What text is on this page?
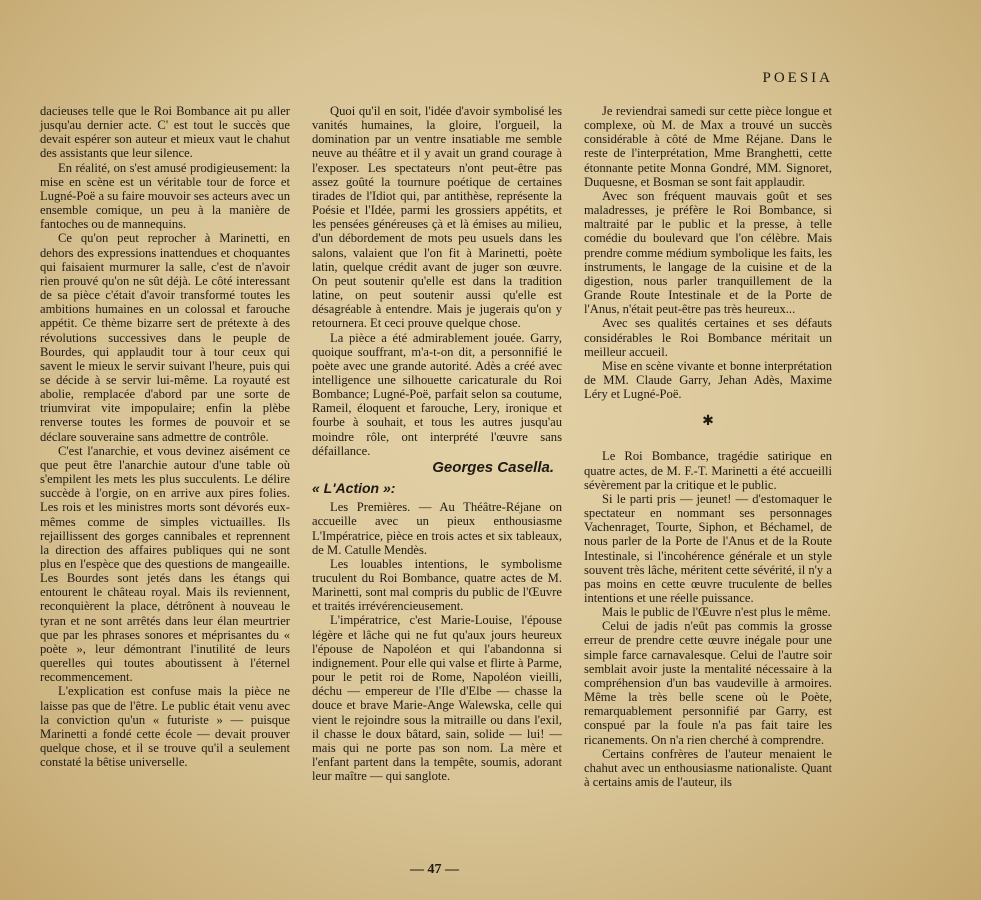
POESIA

dacieuses telle que le Roi Bombance ait pu aller jusqu'au dernier acte. C' est tout le succès que devait espérer son auteur et mieux vaut le chahut des assistants que leur silence.

En réalité, on s'est amusé prodigieusement: la mise en scène est un véritable tour de force et Lugné-Poë a su faire mouvoir ses acteurs avec un ensemble comique, un peu à la manière de fantoches ou de mannequins.

Ce qu'on peut reprocher à Marinetti, en dehors des expressions inattendues et choquantes qui faisaient murmurer la salle, c'est de n'avoir rien prouvé qu'on ne sût déjà. Le côté interessant de sa pièce c'était d'avoir transformé toutes les ambitions humaines en un colossal et farouche appétit. Ce thème bizarre sert de prétexte à des révolutions successives dans le peuple de Bourdes, qui applaudit tour à tour ceux qui savent le mieux le servir suivant l'heure, puis qui se décide à se servir lui-même. La royauté est abolie, remplacée d'abord par une sorte de triumvirat vite impopulaire; enfin la plèbe renverse toutes les formes de pouvoir et se déclare souveraine sans admettre de contrôle.

C'est l'anarchie, et vous devinez aisément ce que peut être l'anarchie autour d'une table où s'empilent les mets les plus succulents. Le délire succède à l'orgie, on en arrive aux pires folies. Les rois et les ministres morts sont dévorés eux-mêmes comme de simples victuailles. Ils rejaillissent des gorges cannibales et reprennent la direction des affaires publiques qui ne sont plus en l'espèce que des questions de mangeaille. Les Bourdes sont jetés dans les étangs qui entourent le château royal. Mais ils reviennent, reconquièrent la place, détrônent à nouveau le tyran et ne sont arrêtés dans leur élan meurtrier que par les phrases sonores et méprisantes du « poète », leur démontrant l'inutilité de leurs querelles qui toutes aboutissent à l'éternel recommencement.

L'explication est confuse mais la pièce ne laisse pas que de l'être. Le public était venu avec la conviction qu'un « futuriste » — puisque Marinetti a fondé cette école — devait prouver quelque chose, et il se trouve qu'il a seulement constaté la bêtise universelle.

Quoi qu'il en soit, l'idée d'avoir symbolisé les vanités humaines, la gloire, l'orgueil, la domination par un ventre insatiable me semble neuve au théâtre et il y avait un grand courage à l'exposer. Les spectateurs n'ont peut-être pas assez goûté la tournure poétique de certaines tirades de l'Idiot qui, par antithèse, représente la Poésie et l'Idée, parmi les grossiers appétits, et les pensées généreuses çà et là émises au milieu, d'un débordement de mots peu usuels dans les salons, valaient que l'on fit à Marinetti, poète latin, quelque crédit avant de juger son œuvre. On peut soutenir qu'elle est dans la tradition latine, on peut soutenir aussi qu'elle est désagréable à entendre. Mais je jugerais qu'on y retournera. Et ceci prouve quelque chose.

La pièce a été admirablement jouée. Garry, quoique souffrant, m'a-t-on dit, a personnifié le poète avec une grande autorité. Adès a créé avec intelligence une silhouette caricaturale du Roi Bombance; Lugné-Poë, parfait selon sa coutume, Rameil, éloquent et farouche, Lery, ironique et fourbe à souhait, et tous les autres jusqu'au moindre rôle, ont interprété l'œuvre sans défaillance.

Georges Casella.
« L'Action »:

Les Premières. — Au Théâtre-Réjane on accueille avec un pieux enthousiasme L'Impératrice, pièce en trois actes et six tableaux, de M. Catulle Mendès.

Les louables intentions, le symbolisme truculent du Roi Bombance, quatre actes de M. Marinetti, sont mal compris du public de l'Œuvre et traités irrévérencieusement.

L'impératrice, c'est Marie-Louise, l'épouse légère et lâche qui ne fut qu'aux jours heureux l'épouse de Napoléon et qui l'abandonna si indignement. Pour elle qui valse et flirte à Parme, pour le petit roi de Rome, Napoléon vieilli, déchu — empereur de l'Ile d'Elbe — chasse la douce et brave Marie-Ange Walewska, celle qui vient le rejoindre sous la mitraille ou dans l'exil, il chasse le doux bâtard, sain, solide — lui! — mais qui ne porte pas son nom. La mère et l'enfant partent dans la tempête, soumis, adorant leur maître — qui sanglote.

Je reviendrai samedi sur cette pièce longue et complexe, où M. de Max a trouvé un succès considérable à côté de Mme Réjane. Dans le reste de l'interprétation, Mme Branghetti, cette étonnante petite Monna Gondré, MM. Signoret, Duquesne, et Bosman se sont fait applaudir.

Avec son fréquent mauvais goût et ses maladresses, je préfère le Roi Bombance, si maltraité par le public et la presse, à telle comédie du boulevard que l'on célèbre. Mais prendre comme médium symbolique les faits, les instruments, le langage de la cuisine et de la digestion, nous parler tranquillement de la Grande Route Intestinale et de la Porte de l'Anus, n'était peut-être pas très heureux...

Avec ses qualités certaines et ses défauts considérables le Roi Bombance méritait un meilleur accueil.

Mise en scène vivante et bonne interprétation de MM. Claude Garry, Jehan Adès, Maxime Léry et Lugné-Poë.

✱

Le Roi Bombance, tragédie satirique en quatre actes, de M. F.-T. Marinetti a été accueilli sévèrement par la critique et le public.

Si le parti pris — jeunet! — d'estomaquer le spectateur en nommant ses personnages Vachenraget, Tourte, Siphon, et Béchamel, de nous parler de la Porte de l'Anus et de la Route Intestinale, si l'incohérence générale et un style souvent très lâche, méritent cette sévérité, il n'y a pas moins en cette œuvre truculente de belles intentions et une réelle puissance.

Mais le public de l'Œuvre n'est plus le même.

Celui de jadis n'eût pas commis la grosse erreur de prendre cette œuvre inégale pour une simple farce carnavalesque. Celui de l'autre soir semblait avoir juste la mentalité nécessaire à la compréhension d'un bas vaudeville à armoires. Même la très belle scene où le Poète, remarquablement personnifié par Garry, est conspué par la foule n'a pas fait taire les ricanements. On n'a rien cherché à comprendre.

Certains confrères de l'auteur menaient le chahut avec un enthousiasme nationaliste. Quant à certains amis de l'auteur, ils

— 47 —
